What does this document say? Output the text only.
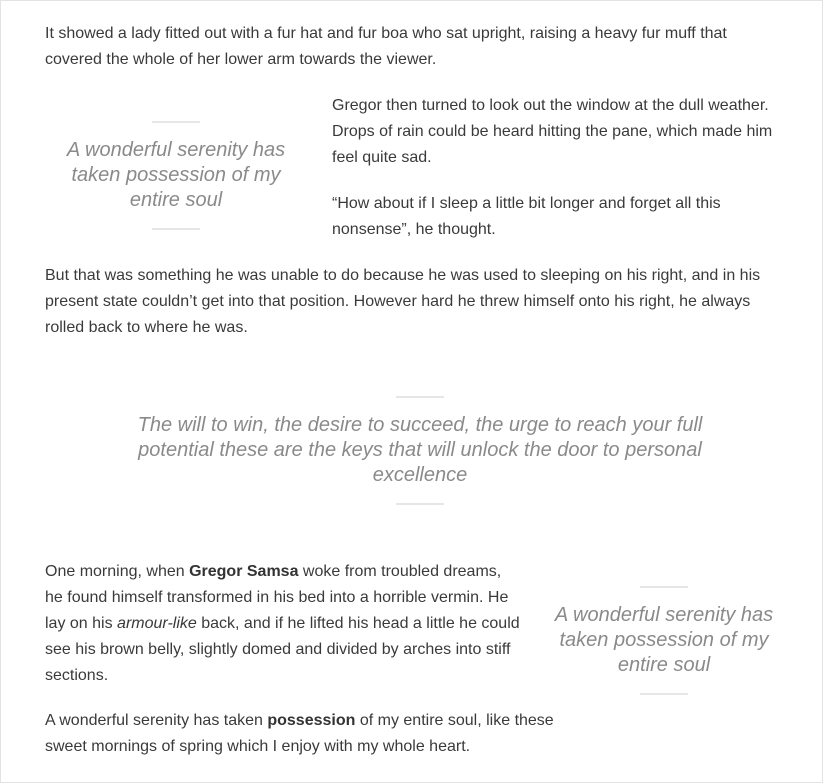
It showed a lady fitted out with a fur hat and fur boa who sat upright, raising a heavy fur muff that covered the whole of her lower arm towards the viewer.

A wonderful serenity has taken possession of my entire soul

Gregor then turned to look out the window at the dull weather. Drops of rain could be heard hitting the pane, which made him feel quite sad.

“How about if I sleep a little bit longer and forget all this nonsense”, he thought.

But that was something he was unable to do because he was used to sleeping on his right, and in his present state couldn’t get into that position. However hard he threw himself onto his right, he always rolled back to where he was.

The will to win, the desire to succeed, the urge to reach your full potential these are the keys that will unlock the door to personal excellence

One morning, when Gregor Samsa woke from troubled dreams, he found himself transformed in his bed into a horrible vermin. He lay on his armour-like back, and if he lifted his head a little he could see his brown belly, slightly domed and divided by arches into stiff sections.

A wonderful serenity has taken possession of my entire soul

A wonderful serenity has taken possession of my entire soul, like these sweet mornings of spring which I enjoy with my whole heart.
